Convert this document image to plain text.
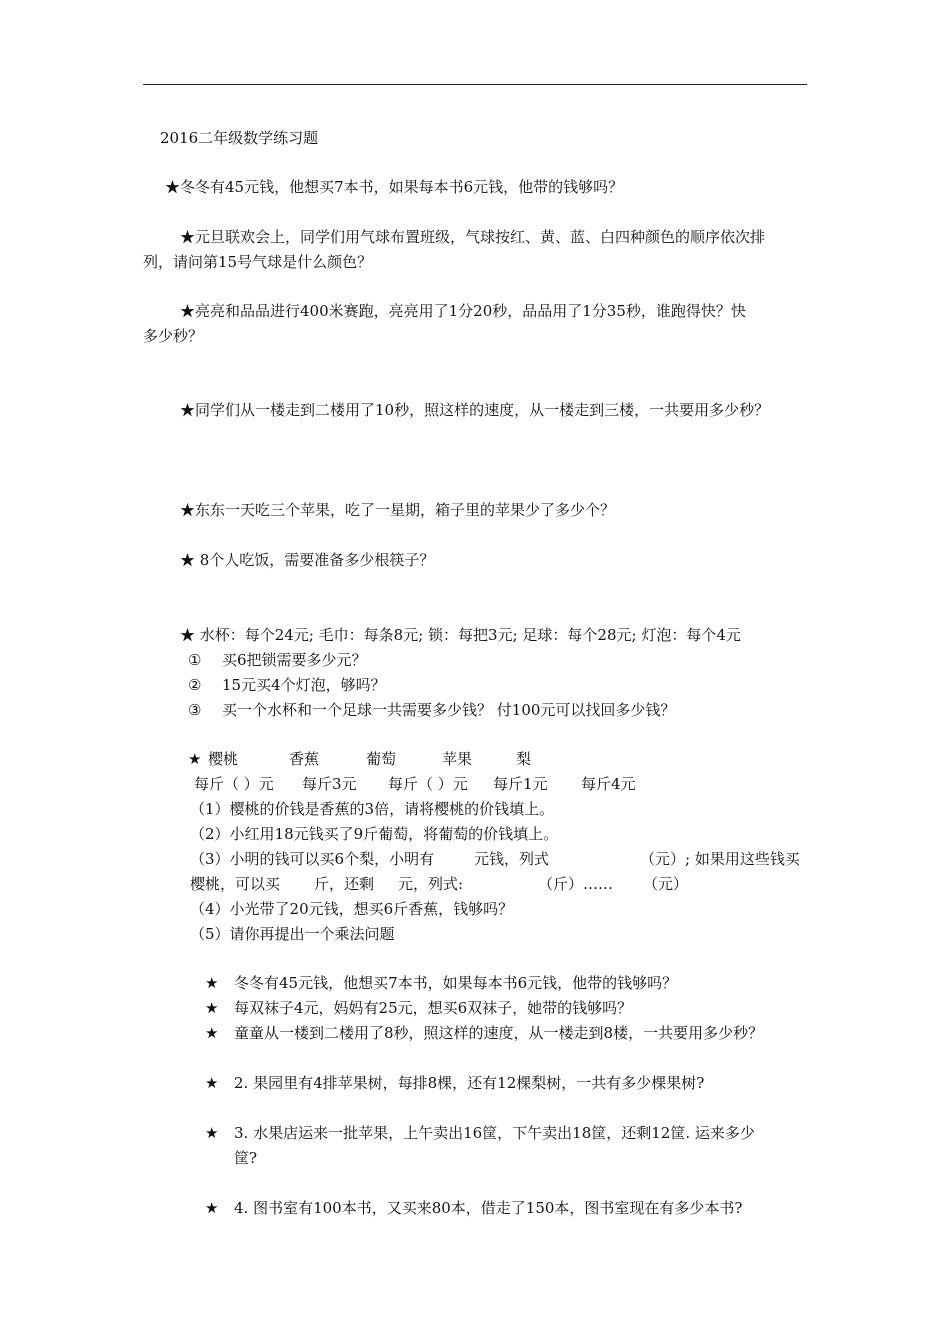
2016二年级数学练习题
★冬冬有45元钱，他想买7本书，如果每本书6元钱，他带的钱够吗？
★元旦联欢会上，同学们用气球布置班级，气球按红、黄、蓝、白四种颜色的顺序依次排
列，请问第15号气球是什么颜色？
★亮亮和品品进行400米赛跑，亮亮用了1分20秒，品品用了1分35秒，谁跑得快？快
多少秒？
★同学们从一楼走到二楼用了10秒，照这样的速度，从一楼走到三楼，一共要用多少秒？
★东东一天吃三个苹果，吃了一星期，箱子里的苹果少了多少个？
★ 8个人吃饭，需要准备多少根筷子？
★ 水杯：每个24元; 毛巾：每条8元; 锁：每把3元; 足球：每个28元; 灯泡：每个4元
① 买6把锁需要多少元？
② 15元买4个灯泡，够吗？
③ 买一个水杯和一个足球一共需要多少钱？ 付100元可以找回多少钱？
★ 樱桃	香蕉	葡萄	苹果	梨
每斤（ ）元 每斤3元 每斤（ ）元 每斤1元 每斤4元
（1）樱桃的价钱是香蕉的3倍，请将樱桃的价钱填上。
（2）小红用18元钱买了9斤葡萄，将葡萄的价钱填上。
（3）小明的钱可以买6个梨，小明有	元钱，列式	（元）; 如果用这些钱买
樱桃，可以买 斤，还剩 元，列式:	（斤）…… （元）
（4）小光带了20元钱，想买6斤香蕉，钱够吗？
（5）请你再提出一个乘法问题
★ 冬冬有45元钱，他想买7本书，如果每本书6元钱，他带的钱够吗？
★ 每双袜子4元，妈妈有25元，想买6双袜子，她带的钱够吗？
★ 童童从一楼到二楼用了8秒，照这样的速度，从一楼走到8楼，一共要用多少秒？
★ 2. 果园里有4排苹果树，每排8棵，还有12棵梨树，一共有多少棵果树?
★ 3. 水果店运来一批苹果，上午卖出16筐，下午卖出18筐，还剩12筐. 运来多少
筐?
★ 4. 图书室有100本书，又买来80本，借走了150本，图书室现在有多少本书?
